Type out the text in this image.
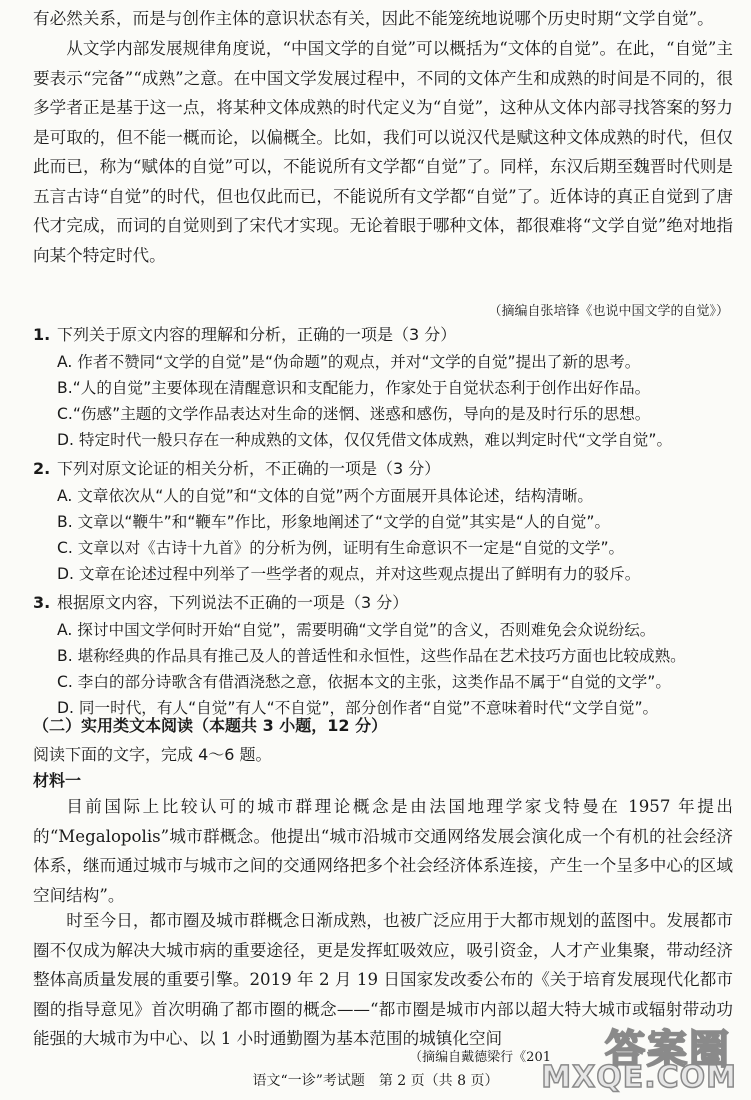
有必然关系，而是与创作主体的意识状态有关，因此不能笼统地说哪个历史时期“文学自觉”。

从文学内部发展规律角度说，“中国文学的自觉”可以概括为“文体的自觉”。在此，“自觉”主要表示“完备”“成熟”之意。在中国文学发展过程中，不同的文体产生和成熟的时间是不同的，很多学者正是基于这一点，将某种文体成熟的时代定义为“自觉”，这种从文体内部寻找答案的努力是可取的，但不能一概而论，以偏概全。比如，我们可以说汉代是赋这种文体成熟的时代，但仅此而已，称为“赋体的自觉”可以，不能说所有文学都“自觉”了。同样，东汉后期至魏晋时代则是五言古诗“自觉”的时代，但也仅此而已，不能说所有文学都“自觉”了。近体诗的真正自觉到了唐代才完成，而词的自觉则到了宋代才实现。无论着眼于哪种文体，都很难将“文学自觉”绝对地指向某个特定时代。

（摘编自张培锋《也说中国文学的自觉》）
1. 下列关于原文内容的理解和分析，正确的一项是（3 分）
A. 作者不赞同“文学的自觉”是“伪命题”的观点，并对“文学的自觉”提出了新的思考。
B.“人的自觉”主要体现在清醒意识和支配能力，作家处于自觉状态利于创作出好作品。
C.“伤感”主题的文学作品表达对生命的迷惘、迷惑和感伤，导向的是及时行乐的思想。
D. 特定时代一般只存在一种成熟的文体，仅仅凭借文体成熟，难以判定时代“文学自觉”。
2. 下列对原文论证的相关分析，不正确的一项是（3 分）
A. 文章依次从“人的自觉”和“文体的自觉”两个方面展开具体论述，结构清晰。
B. 文章以“鞭牛”和“鞭车”作比，形象地阐述了“文学的自觉”其实是“人的自觉”。
C. 文章以对《古诗十九首》的分析为例，证明有生命意识不一定是“自觉的文学”。
D. 文章在论述过程中列举了一些学者的观点，并对这些观点提出了鲜明有力的驳斥。
3. 根据原文内容，下列说法不正确的一项是（3 分）
A. 探讨中国文学何时开始“自觉”，需要明确“文学自觉”的含义，否则难免会众说纷纭。
B. 堪称经典的作品具有推己及人的普适性和永恒性，这些作品在艺术技巧方面也比较成熟。
C. 李白的部分诗歌含有借酒浇愁之意，依据本文的主张，这类作品不属于“自觉的文学”。
D. 同一时代，有人“自觉”有人“不自觉”，部分创作者“自觉”不意味着时代“文学自觉”。
（二）实用类文本阅读（本题共 3 小题，12 分）
阅读下面的文字，完成 4～6 题。
材料一

目前国际上比较认可的城市群理论概念是由法国地理学家戈特曼在 1957 年提出的“Megalopolis”城市群概念。他提出“城市沿城市交通网络发展会演化成一个有机的社会经济体系，继而通过城市与城市之间的交通网络把多个社会经济体系连接，产生一个呈多中心的区域空间结构”。

时至今日，都市圈及城市群概念日渐成熟，也被广泛应用于大都市规划的蓝图中。发展都市圈不仅成为解决大城市病的重要途径，更是发挥虹吸效应，吸引资金，人才产业集聚，带动经济整体高质量发展的重要引擎。2019 年 2 月 19 日国家发改委公布的《关于培育发展现代化都市圈的指导意见》首次明确了都市圈的概念——“都市圈是城市内部以超大特大城市或辐射带动功能强的大城市为中心、以 1 小时通勤圈为基本范围的城镇化空间

（摘编自戴德梁行《201
语文“一诊”考试题　第 2 页（共 8 页）
答案圈
MXQE.COM
